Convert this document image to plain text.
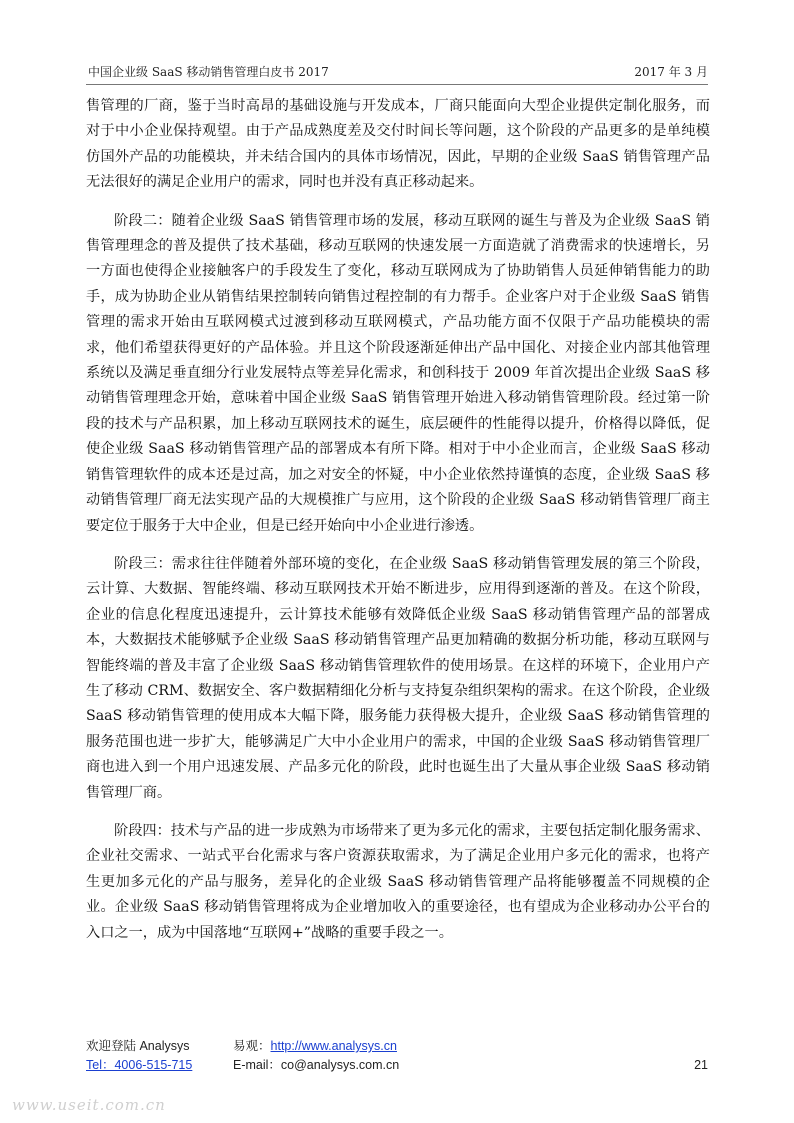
中国企业级 SaaS 移动销售管理白皮书 2017	2017 年 3 月

售管理的厂商，鉴于当时高昂的基础设施与开发成本，厂商只能面向大型企业提供定制化服务，而对于中小企业保持观望。由于产品成熟度差及交付时间长等问题，这个阶段的产品更多的是单纯模仿国外产品的功能模块，并未结合国内的具体市场情况，因此，早期的企业级 SaaS 销售管理产品无法很好的满足企业用户的需求，同时也并没有真正移动起来。

阶段二：随着企业级 SaaS 销售管理市场的发展，移动互联网的诞生与普及为企业级 SaaS 销售管理理念的普及提供了技术基础，移动互联网的快速发展一方面造就了消费需求的快速增长，另一方面也使得企业接触客户的手段发生了变化，移动互联网成为了协助销售人员延伸销售能力的助手，成为协助企业从销售结果控制转向销售过程控制的有力帮手。企业客户对于企业级 SaaS 销售管理的需求开始由互联网模式过渡到移动互联网模式，产品功能方面不仅限于产品功能模块的需求，他们希望获得更好的产品体验。并且这个阶段逐渐延伸出产品中国化、对接企业内部其他管理系统以及满足垂直细分行业发展特点等差异化需求，和创科技于 2009 年首次提出企业级 SaaS 移动销售管理理念开始，意味着中国企业级 SaaS 销售管理开始进入移动销售管理阶段。经过第一阶段的技术与产品积累，加上移动互联网技术的诞生，底层硬件的性能得以提升，价格得以降低，促使企业级 SaaS 移动销售管理产品的部署成本有所下降。相对于中小企业而言，企业级 SaaS 移动销售管理软件的成本还是过高，加之对安全的怀疑，中小企业依然持谨慎的态度，企业级 SaaS 移动销售管理厂商无法实现产品的大规模推广与应用，这个阶段的企业级 SaaS 移动销售管理厂商主要定位于服务于大中企业，但是已经开始向中小企业进行渗透。

阶段三：需求往往伴随着外部环境的变化，在企业级 SaaS 移动销售管理发展的第三个阶段，云计算、大数据、智能终端、移动互联网技术开始不断进步，应用得到逐渐的普及。在这个阶段，企业的信息化程度迅速提升，云计算技术能够有效降低企业级 SaaS 移动销售管理产品的部署成本，大数据技术能够赋予企业级 SaaS 移动销售管理产品更加精确的数据分析功能，移动互联网与智能终端的普及丰富了企业级 SaaS 移动销售管理软件的使用场景。在这样的环境下，企业用户产生了移动 CRM、数据安全、客户数据精细化分析与支持复杂组织架构的需求。在这个阶段，企业级 SaaS 移动销售管理的使用成本大幅下降，服务能力获得极大提升，企业级 SaaS 移动销售管理的服务范围也进一步扩大，能够满足广大中小企业用户的需求，中国的企业级 SaaS 移动销售管理厂商也进入到一个用户迅速发展、产品多元化的阶段，此时也诞生出了大量从事企业级 SaaS 移动销售管理厂商。

阶段四：技术与产品的进一步成熟为市场带来了更为多元化的需求，主要包括定制化服务需求、企业社交需求、一站式平台化需求与客户资源获取需求，为了满足企业用户多元化的需求，也将产生更加多元化的产品与服务，差异化的企业级 SaaS 移动销售管理产品将能够覆盖不同规模的企业。企业级 SaaS 移动销售管理将成为企业增加收入的重要途径，也有望成为企业移动办公平台的入口之一，成为中国落地“互联网+”战略的重要手段之一。

欢迎登陆 Analysys	易观：http://www.analysys.cn
Tel：4006-515-715	E-mail：co@analysys.com.cn	21
www.useit.com.cn
